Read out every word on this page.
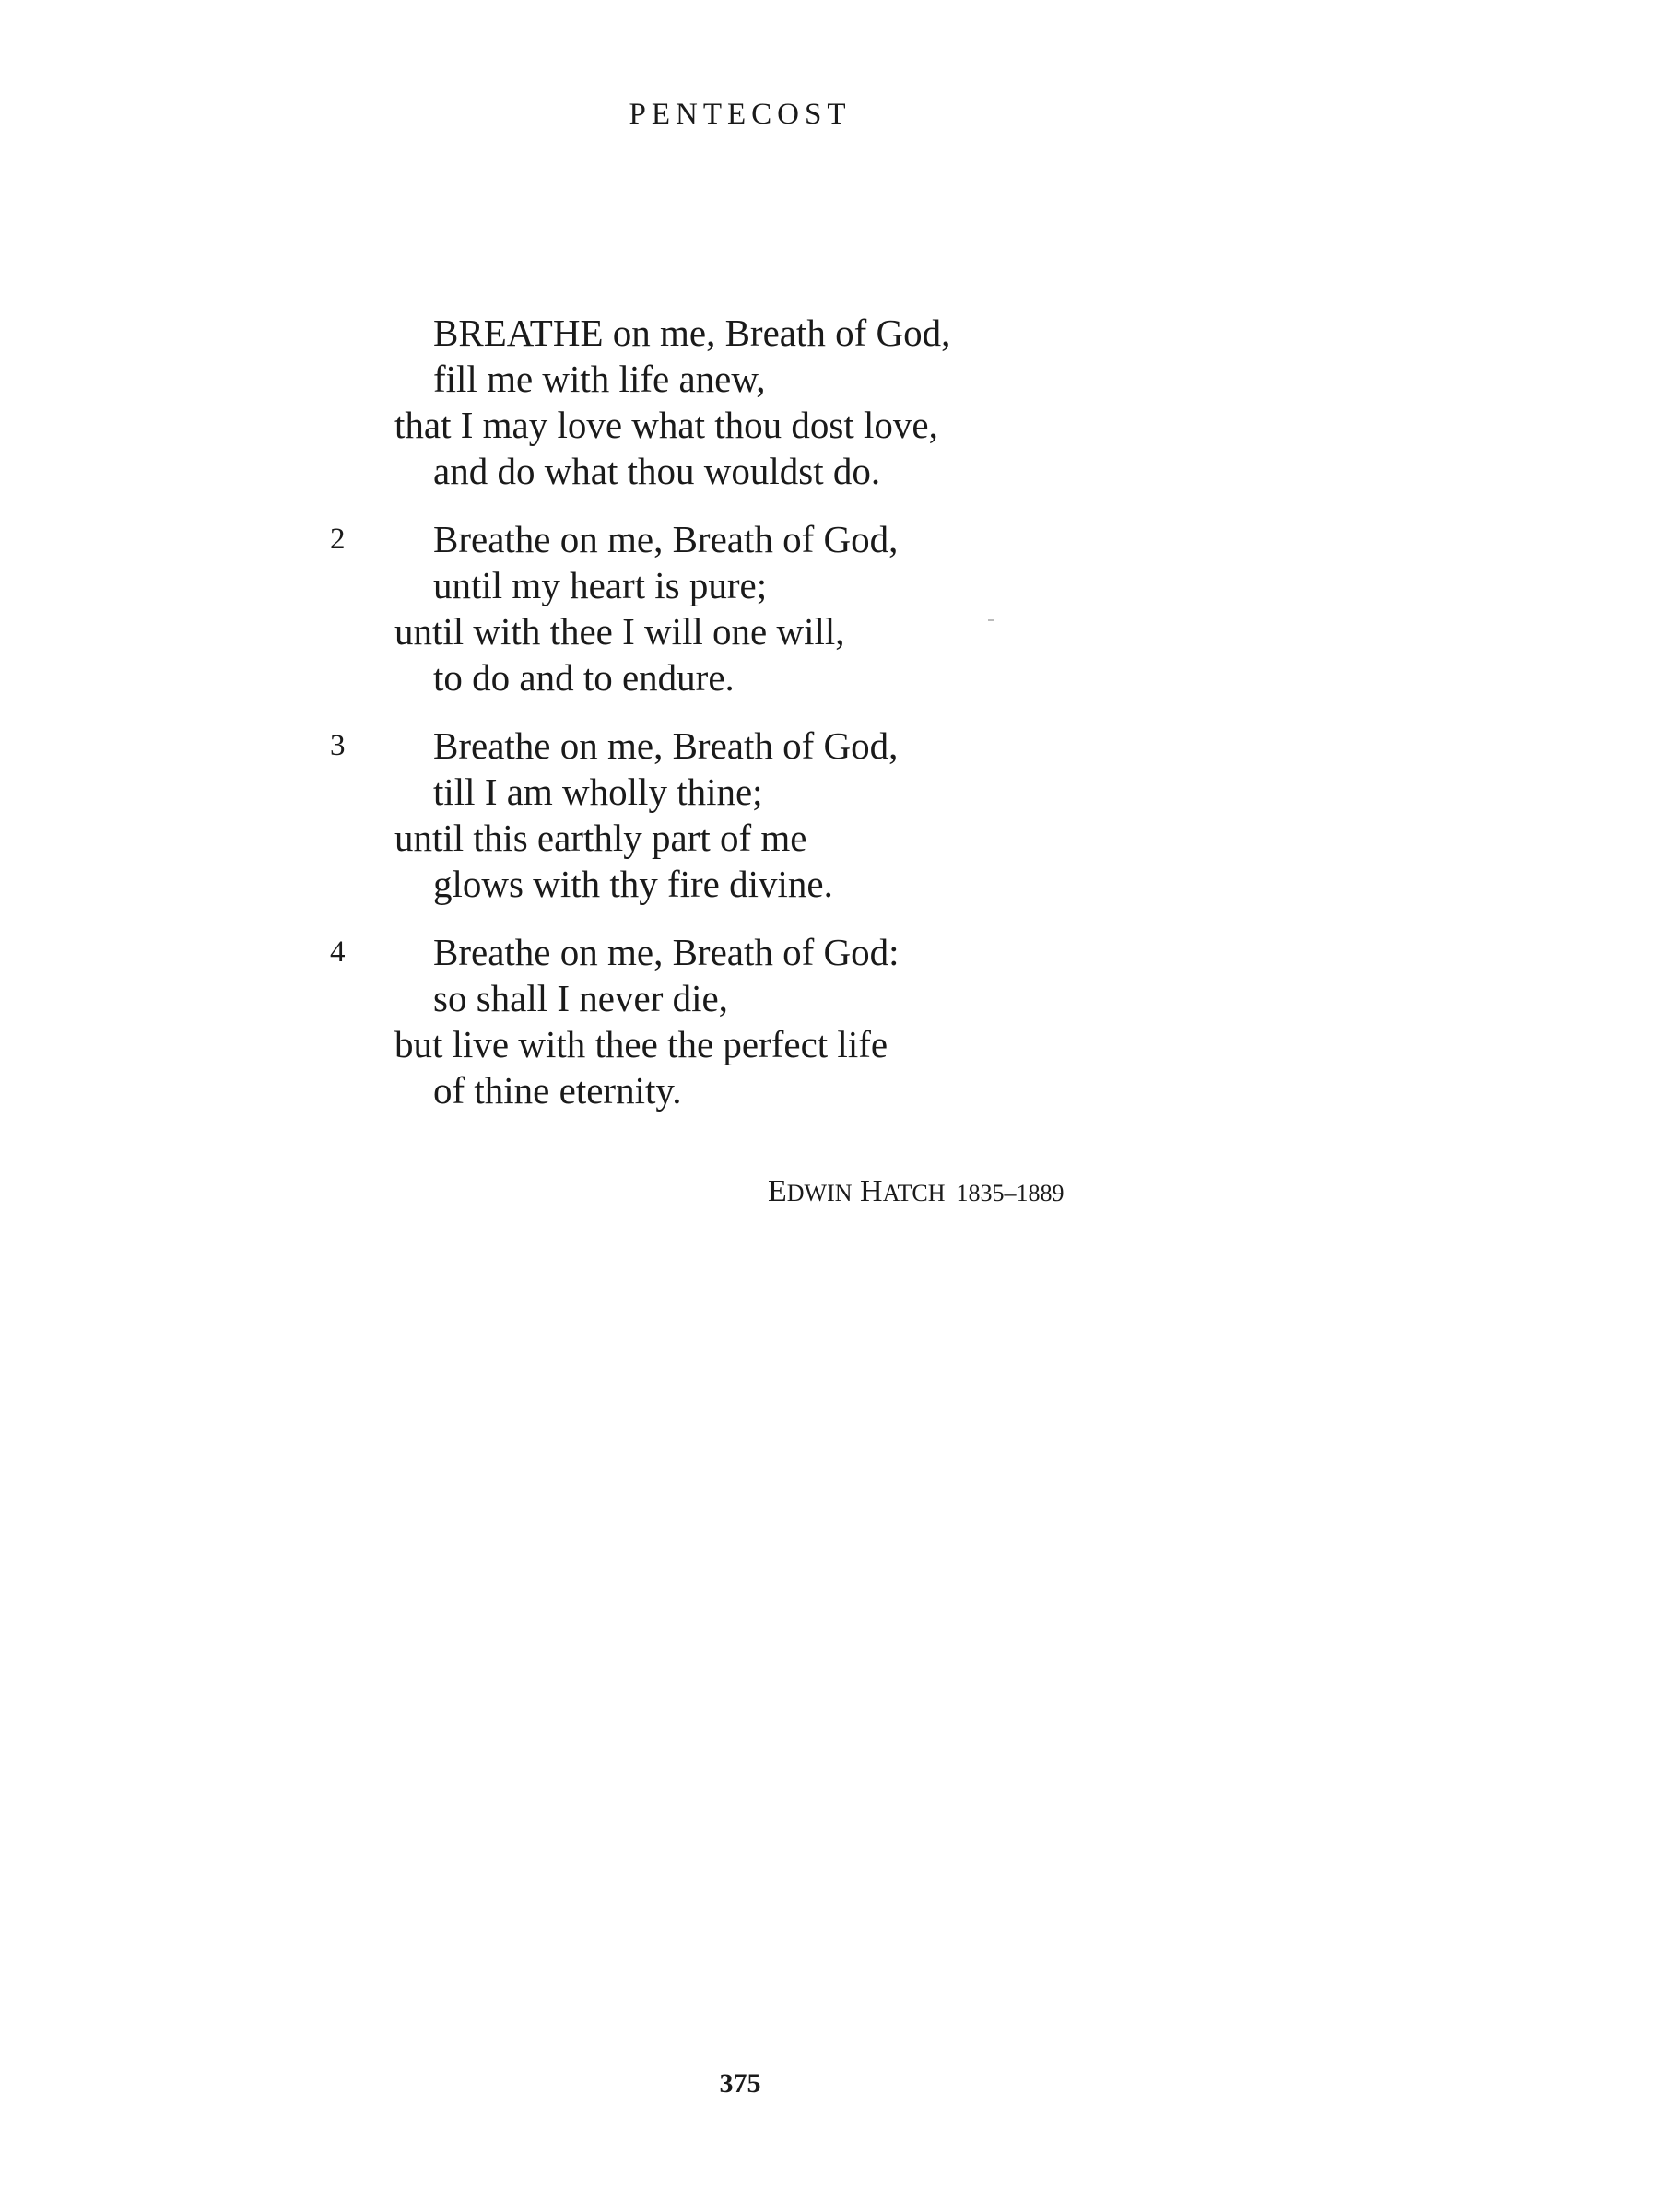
PENTECOST
BREATHE on me, Breath of God,
fill me with life anew,
that I may love what thou dost love,
and do what thou wouldst do.
2 Breathe on me, Breath of God,
until my heart is pure;
until with thee I will one will,
to do and to endure.
3 Breathe on me, Breath of God,
till I am wholly thine;
until this earthly part of me
glows with thy fire divine.
4 Breathe on me, Breath of God:
so shall I never die,
but live with thee the perfect life
of thine eternity.
EDWIN HATCH 1835–1889
375
